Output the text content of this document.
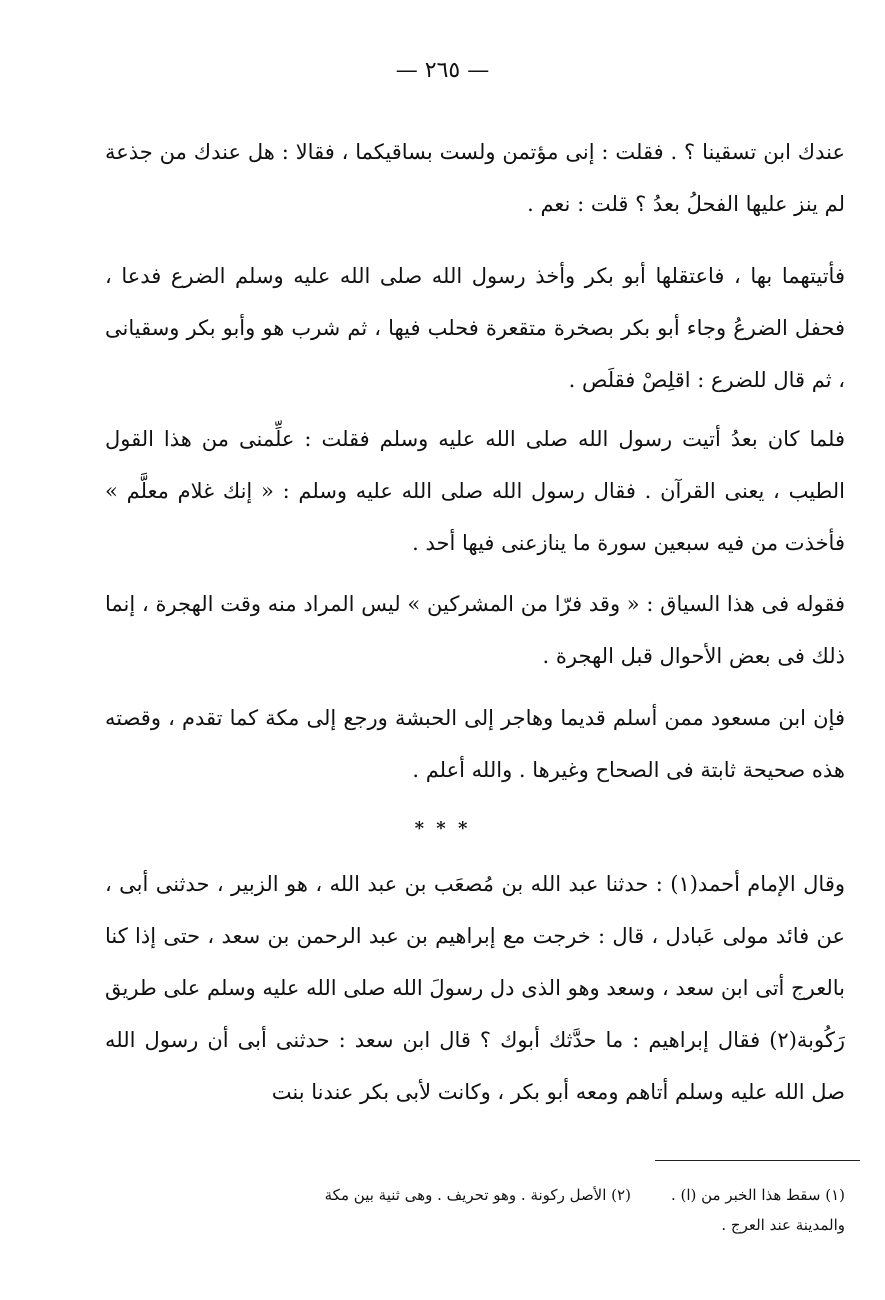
— ٢٦٥ —

عندك ابن تسقينا ؟ . فقلت : إنى مؤتمن ولست بساقيكما ، فقالا : هل عندك من جذعة لم ينز عليها الفحلُ بعدُ ؟ قلت : نعم .

فأتيتهما بها ، فاعتقلها أبو بكر وأخذ رسول الله صلى الله عليه وسلم الضرع فدعا ، فحفل الضرعُ وجاء أبو بكر بصخرة متقعرة فحلب فيها ، ثم شرب هو وأبو بكر وسقيانى ، ثم قال للضرع : اقلِصْ فقلَص .

فلما كان بعدُ أتيت رسول الله صلى الله عليه وسلم فقلت : علِّمنى من هذا القول الطيب ، يعنى القرآن . فقال رسول الله صلى الله عليه وسلم : « إنك غلام معلَّم » فأخذت من فيه سبعين سورة ما ينازعنى فيها أحد .

فقوله فى هذا السياق : « وقد فرّا من المشركين » ليس المراد منه وقت الهجرة ، إنما ذلك فى بعض الأحوال قبل الهجرة .

فإن ابن مسعود ممن أسلم قديما وهاجر إلى الحبشة ورجع إلى مكة كما تقدم ، وقصته هذه صحيحة ثابتة فى الصحاح وغيرها . والله أعلم .

* * *

وقال الإمام أحمد(١) : حدثنا عبد الله بن مُصعَب بن عبد الله ، هو الزبير ، حدثنى أبى ، عن فائد مولى عَبادل ، قال : خرجت مع إبراهيم بن عبد الرحمن بن سعد ، حتى إذا كنا بالعرج أتى ابن سعد ، وسعد وهو الذى دل رسولَ الله صلى الله عليه وسلم على طريق رَكُوبة(٢) فقال إبراهيم : ما حدَّثك أبوك ؟ قال ابن سعد : حدثنى أبى أن رسول الله صل الله عليه وسلم أتاهم ومعه أبو بكر ، وكانت لأبى بكر عندنا بنت

(١) سقط هذا الخبر من (ا) .(٢) الأصل ركونة . وهو تحريف . وهى ثنية بين مكة
والمدينة عند العرج .
